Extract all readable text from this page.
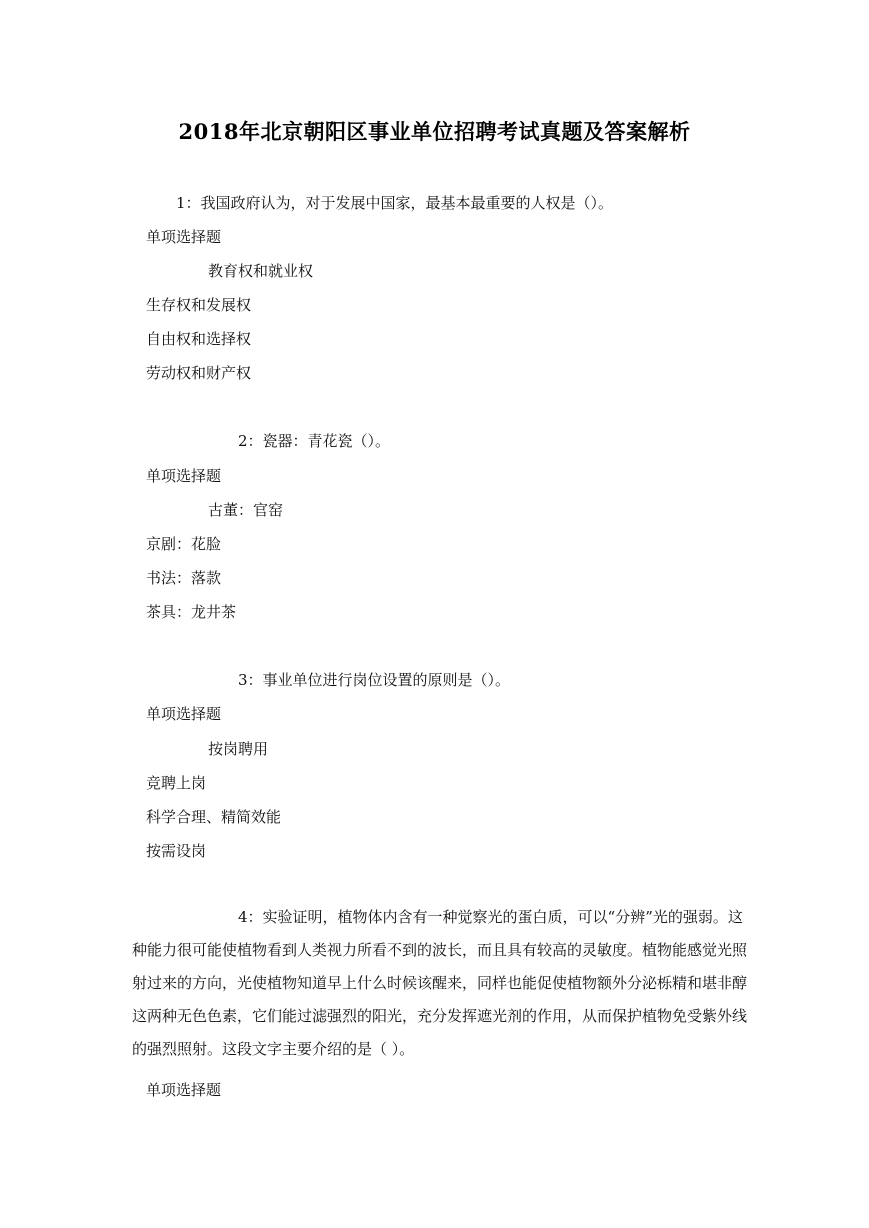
2018年北京朝阳区事业单位招聘考试真题及答案解析
1：我国政府认为，对于发展中国家，最基本最重要的人权是（）。
单项选择题
教育权和就业权
生存权和发展权
自由权和选择权
劳动权和财产权
2：瓷器：青花瓷（）。
单项选择题
古董：官窑
京剧：花脸
书法：落款
茶具：龙井茶
3：事业单位进行岗位设置的原则是（）。
单项选择题
按岗聘用
竞聘上岗
科学合理、精简效能
按需设岗
4：实验证明，植物体内含有一种觉察光的蛋白质，可以“分辨”光的强弱。这种能力很可能使植物看到人类视力所看不到的波长，而且具有较高的灵敏度。植物能感觉光照射过来的方向，光使植物知道早上什么时候该醒来，同样也能促使植物额外分泌栎精和堪非醇这两种无色色素，它们能过滤强烈的阳光，充分发挥遮光剂的作用，从而保护植物免受紫外线的强烈照射。这段文字主要介绍的是（ ）。
单项选择题
